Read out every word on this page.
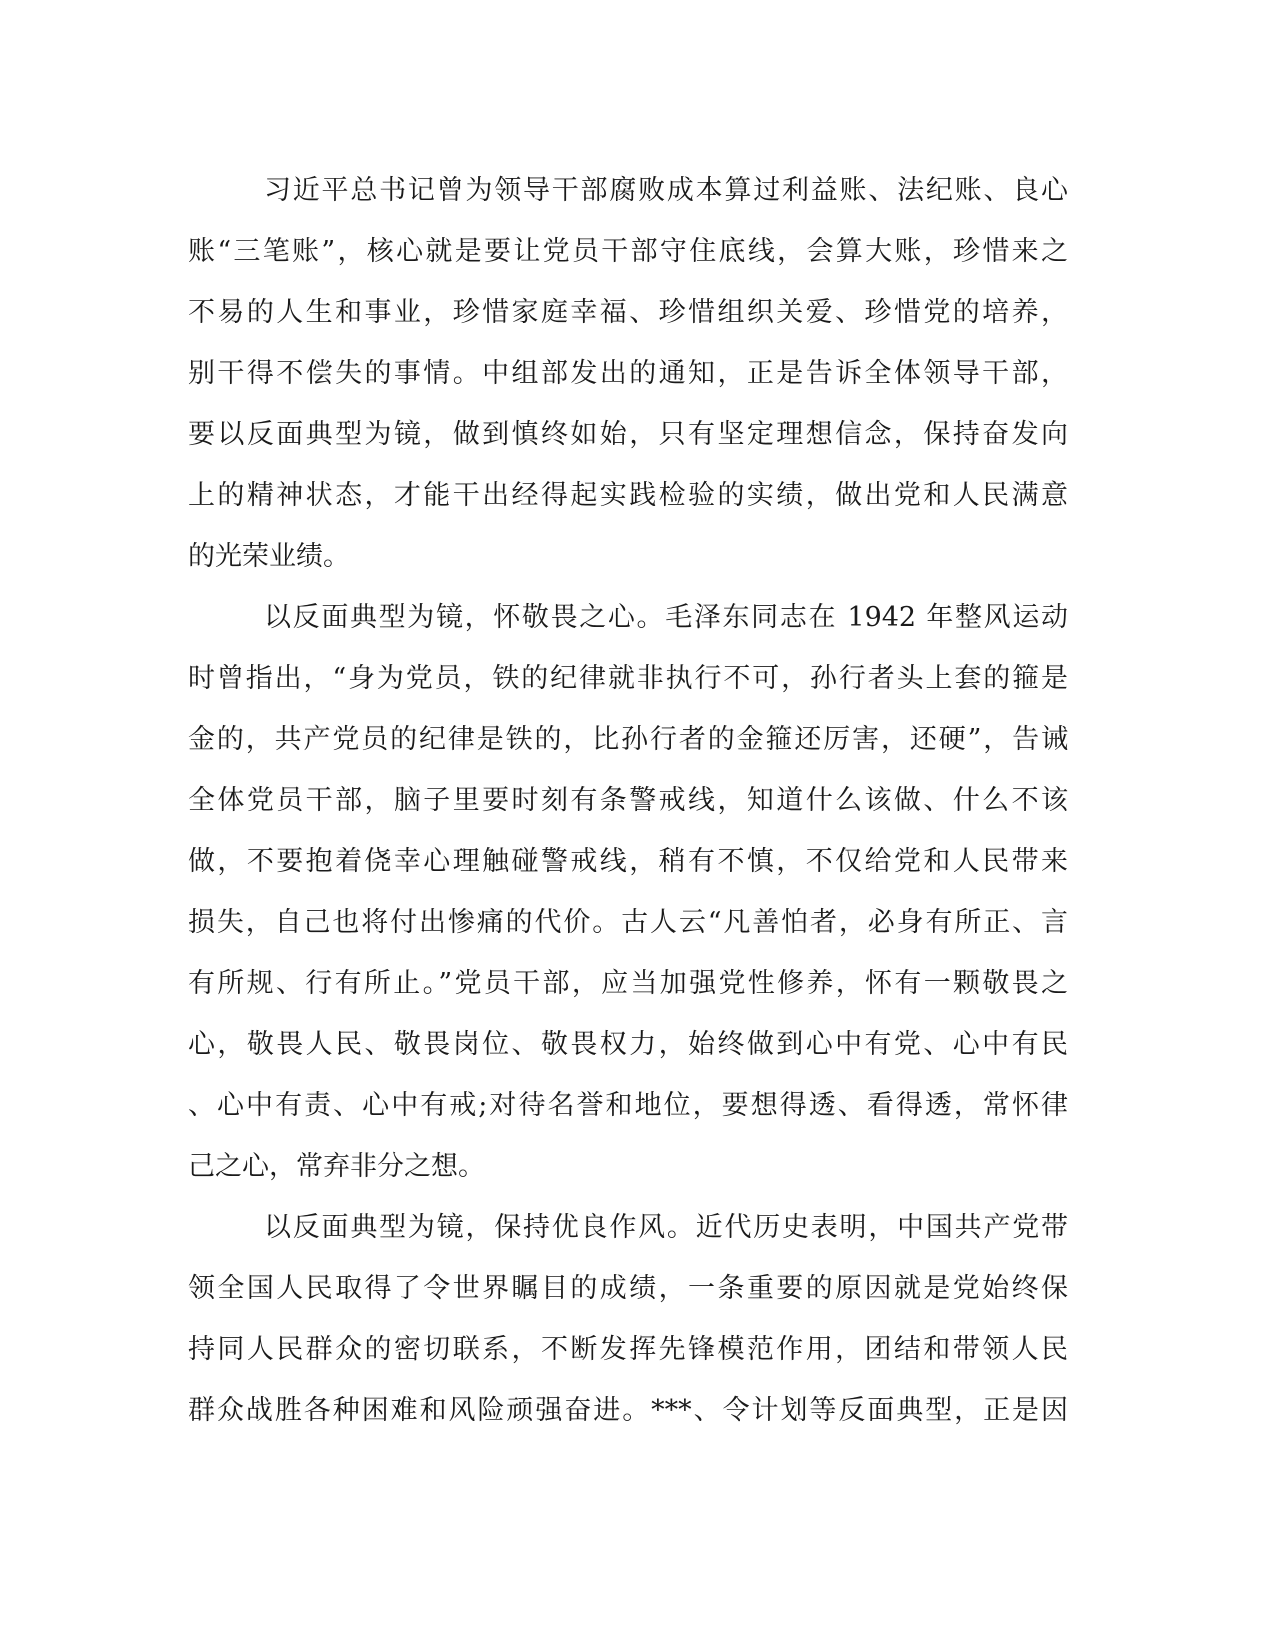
习近平总书记曾为领导干部腐败成本算过利益账、法纪账、良心
账“三笔账”，核心就是要让党员干部守住底线，会算大账，珍惜来之
不易的人生和事业，珍惜家庭幸福、珍惜组织关爱、珍惜党的培养，
别干得不偿失的事情。中组部发出的通知，正是告诉全体领导干部，
要以反面典型为镜，做到慎终如始，只有坚定理想信念，保持奋发向
上的精神状态，才能干出经得起实践检验的实绩，做出党和人民满意
的光荣业绩。

以反面典型为镜，怀敬畏之心。毛泽东同志在 1942 年整风运动
时曾指出，“身为党员，铁的纪律就非执行不可，孙行者头上套的箍是
金的，共产党员的纪律是铁的，比孙行者的金箍还厉害，还硬”，告诫
全体党员干部，脑子里要时刻有条警戒线，知道什么该做、什么不该
做，不要抱着侥幸心理触碰警戒线，稍有不慎，不仅给党和人民带来
损失，自己也将付出惨痛的代价。古人云“凡善怕者，必身有所正、言
有所规、行有所止。”党员干部，应当加强党性修养，怀有一颗敬畏之
心，敬畏人民、敬畏岗位、敬畏权力，始终做到心中有党、心中有民
、心中有责、心中有戒;对待名誉和地位，要想得透、看得透，常怀律
己之心，常弃非分之想。

以反面典型为镜，保持优良作风。近代历史表明，中国共产党带
领全国人民取得了令世界瞩目的成绩，一条重要的原因就是党始终保
持同人民群众的密切联系，不断发挥先锋模范作用，团结和带领人民
群众战胜各种困难和风险顽强奋进。***、令计划等反面典型，正是因
